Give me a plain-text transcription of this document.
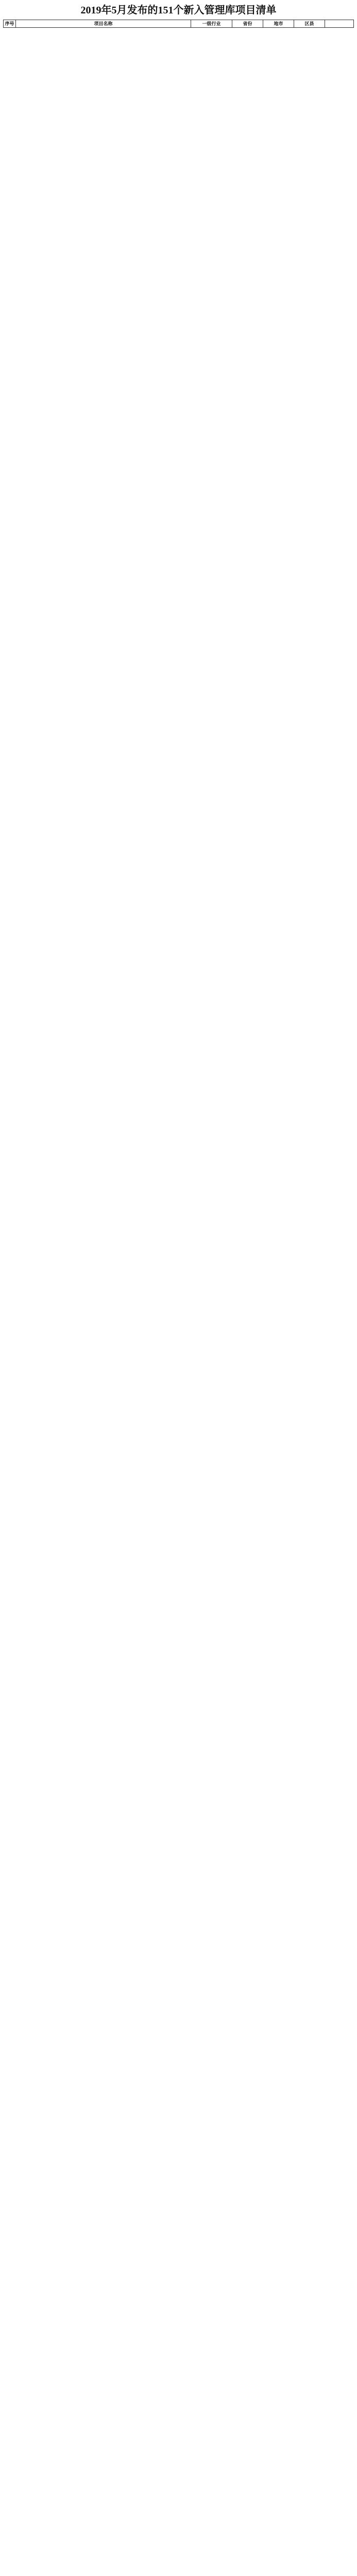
2019年5月发布的151个新入管理库项目清单
序号	项目名称	一级行业	省份	地市	区县	
